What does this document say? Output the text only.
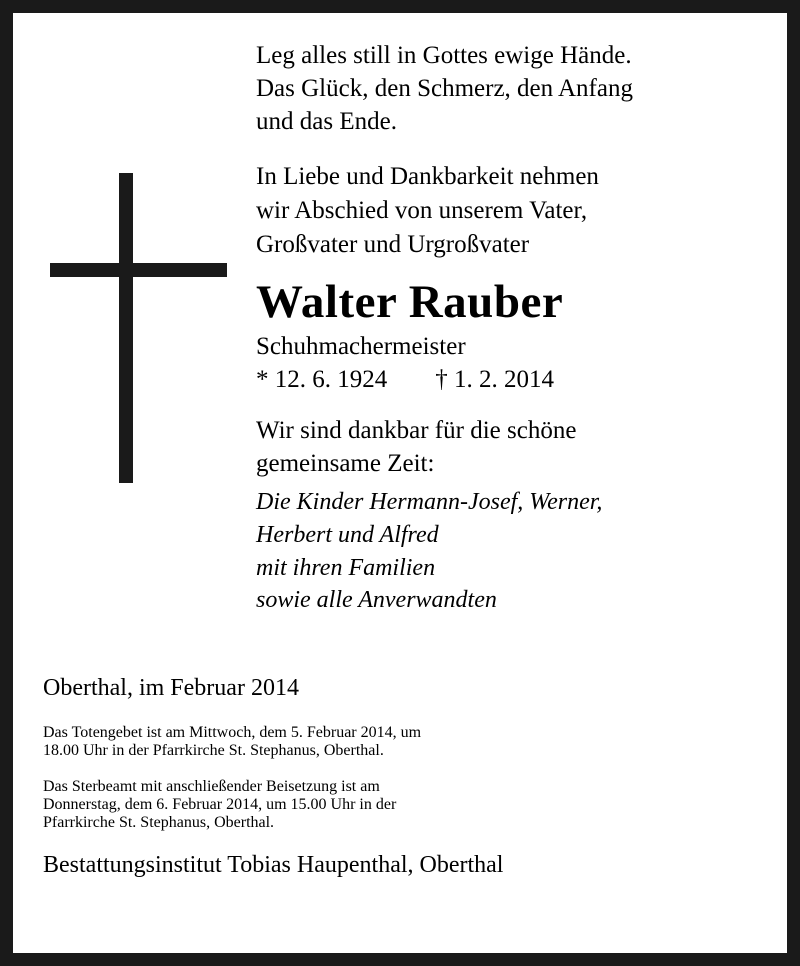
Leg alles still in Gottes ewige Hände.
Das Glück, den Schmerz, den Anfang
und das Ende.
In Liebe und Dankbarkeit nehmen
wir Abschied von unserem Vater,
Großvater und Urgroßvater
Walter Rauber
Schuhmachermeister
* 12. 6. 1924 † 1. 2. 2014
Wir sind dankbar für die schöne
gemeinsame Zeit:
Die Kinder Hermann-Josef, Werner,
Herbert und Alfred
mit ihren Familien
sowie alle Anverwandten

Oberthal, im Februar 2014

Das Totengebet ist am Mittwoch, dem 5. Februar 2014, um
18.00 Uhr in der Pfarrkirche St. Stephanus, Oberthal.

Das Sterbeamt mit anschließender Beisetzung ist am
Donnerstag, dem 6. Februar 2014, um 15.00 Uhr in der
Pfarrkirche St. Stephanus, Oberthal.

Bestattungsinstitut Tobias Haupenthal, Oberthal
